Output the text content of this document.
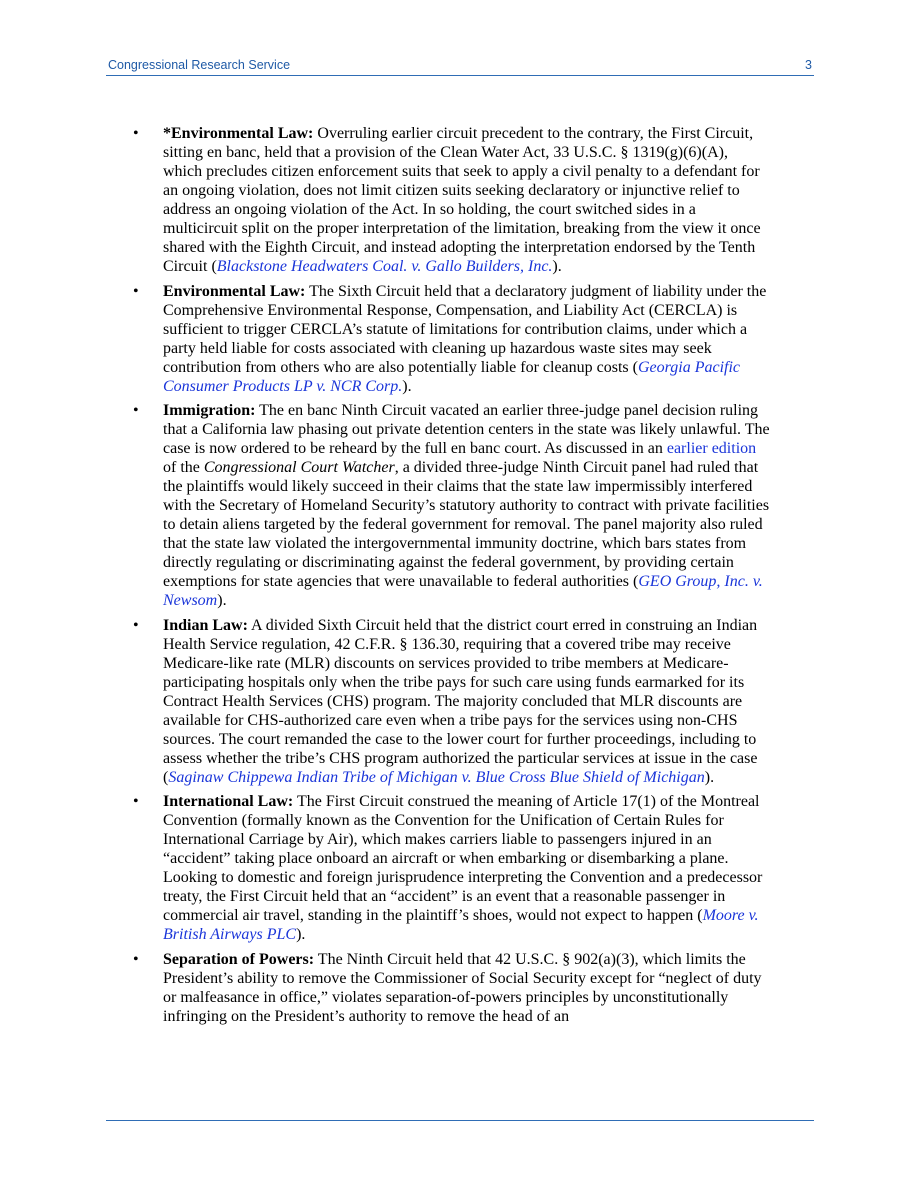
Congressional Research Service	3
• *Environmental Law: Overruling earlier circuit precedent to the contrary, the First Circuit, sitting en banc, held that a provision of the Clean Water Act, 33 U.S.C. § 1319(g)(6)(A), which precludes citizen enforcement suits that seek to apply a civil penalty to a defendant for an ongoing violation, does not limit citizen suits seeking declaratory or injunctive relief to address an ongoing violation of the Act. In so holding, the court switched sides in a multicircuit split on the proper interpretation of the limitation, breaking from the view it once shared with the Eighth Circuit, and instead adopting the interpretation endorsed by the Tenth Circuit (Blackstone Headwaters Coal. v. Gallo Builders, Inc.).
• Environmental Law: The Sixth Circuit held that a declaratory judgment of liability under the Comprehensive Environmental Response, Compensation, and Liability Act (CERCLA) is sufficient to trigger CERCLA’s statute of limitations for contribution claims, under which a party held liable for costs associated with cleaning up hazardous waste sites may seek contribution from others who are also potentially liable for cleanup costs (Georgia Pacific Consumer Products LP v. NCR Corp.).
• Immigration: The en banc Ninth Circuit vacated an earlier three-judge panel decision ruling that a California law phasing out private detention centers in the state was likely unlawful. The case is now ordered to be reheard by the full en banc court. As discussed in an earlier edition of the Congressional Court Watcher, a divided three-judge Ninth Circuit panel had ruled that the plaintiffs would likely succeed in their claims that the state law impermissibly interfered with the Secretary of Homeland Security’s statutory authority to contract with private facilities to detain aliens targeted by the federal government for removal. The panel majority also ruled that the state law violated the intergovernmental immunity doctrine, which bars states from directly regulating or discriminating against the federal government, by providing certain exemptions for state agencies that were unavailable to federal authorities (GEO Group, Inc. v. Newsom).
• Indian Law: A divided Sixth Circuit held that the district court erred in construing an Indian Health Service regulation, 42 C.F.R. § 136.30, requiring that a covered tribe may receive Medicare-like rate (MLR) discounts on services provided to tribe members at Medicare-participating hospitals only when the tribe pays for such care using funds earmarked for its Contract Health Services (CHS) program. The majority concluded that MLR discounts are available for CHS-authorized care even when a tribe pays for the services using non-CHS sources. The court remanded the case to the lower court for further proceedings, including to assess whether the tribe’s CHS program authorized the particular services at issue in the case (Saginaw Chippewa Indian Tribe of Michigan v. Blue Cross Blue Shield of Michigan).
• International Law: The First Circuit construed the meaning of Article 17(1) of the Montreal Convention (formally known as the Convention for the Unification of Certain Rules for International Carriage by Air), which makes carriers liable to passengers injured in an “accident” taking place onboard an aircraft or when embarking or disembarking a plane. Looking to domestic and foreign jurisprudence interpreting the Convention and a predecessor treaty, the First Circuit held that an “accident” is an event that a reasonable passenger in commercial air travel, standing in the plaintiff’s shoes, would not expect to happen (Moore v. British Airways PLC).
• Separation of Powers: The Ninth Circuit held that 42 U.S.C. § 902(a)(3), which limits the President’s ability to remove the Commissioner of Social Security except for “neglect of duty or malfeasance in office,” violates separation-of-powers principles by unconstitutionally infringing on the President’s authority to remove the head of an
